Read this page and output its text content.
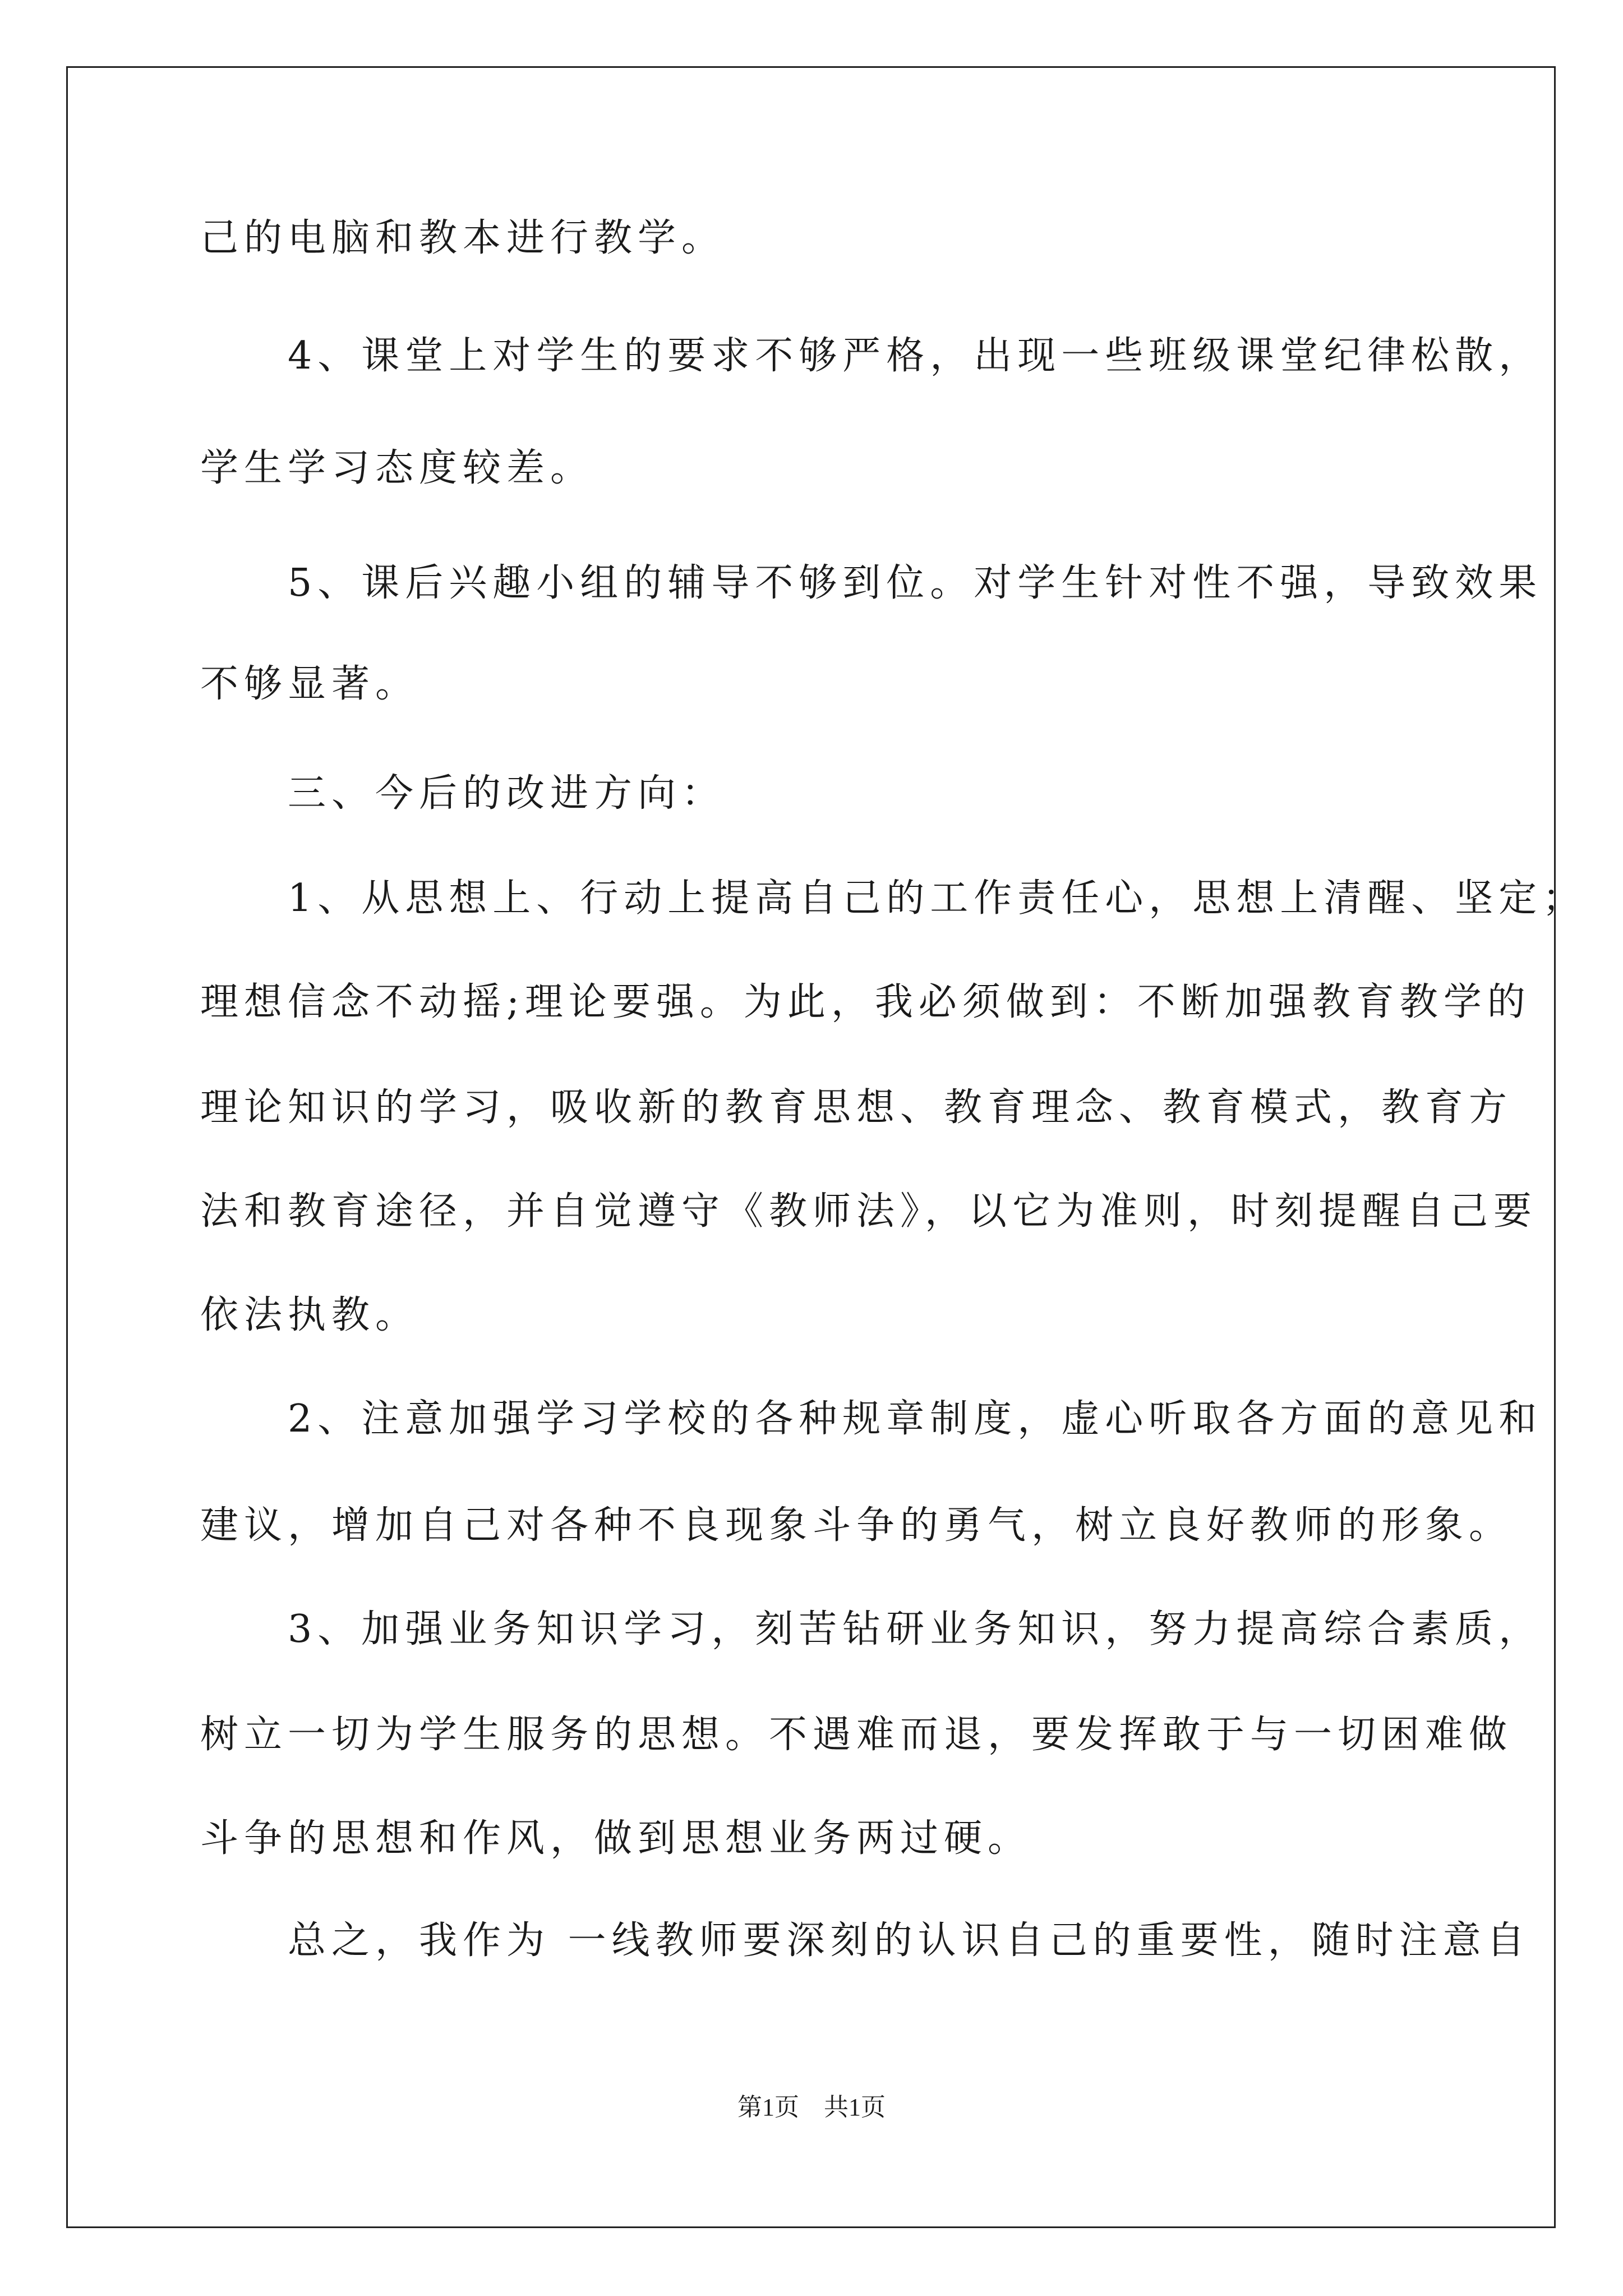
己的电脑和教本进行教学。
　　4、课堂上对学生的要求不够严格，出现一些班级课堂纪律松散，
学生学习态度较差。
　　5、课后兴趣小组的辅导不够到位。对学生针对性不强，导致效果
不够显著。
　　三、今后的改进方向：
　　1、从思想上、行动上提高自己的工作责任心，思想上清醒、坚定；
理想信念不动摇;理论要强。为此，我必须做到：不断加强教育教学的
理论知识的学习，吸收新的教育思想、教育理念、教育模式，教育方
法和教育途径，并自觉遵守《教师法》，以它为准则，时刻提醒自己要
依法执教。
　　2、注意加强学习学校的各种规章制度，虚心听取各方面的意见和
建议，增加自己对各种不良现象斗争的勇气，树立良好教师的形象。
　　3、加强业务知识学习，刻苦钻研业务知识，努力提高综合素质，
树立一切为学生服务的思想。不遇难而退，要发挥敢于与一切困难做
斗争的思想和作风，做到思想业务两过硬。
　　总之，我作为 一线教师要深刻的认识自己的重要性，随时注意自
第1页　共1页
